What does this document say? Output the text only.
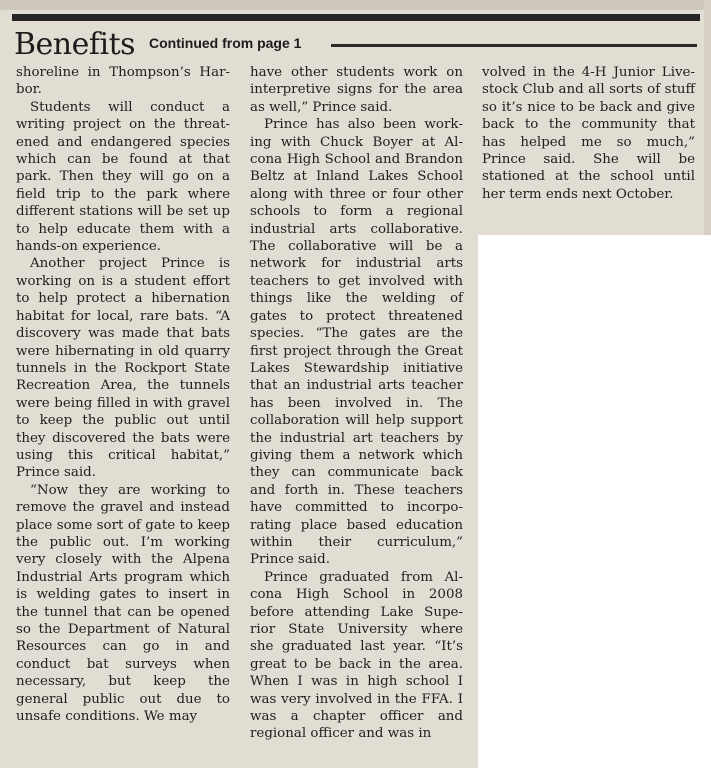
Benefits Continued from page 1

shoreline in Thompson’s Harbor.

Students will conduct a writing project on the threatened and endangered species which can be found at that park. Then they will go on a field trip to the park where different stations will be set up to help educate them with a hands-on experience.

Another project Prince is working on is a student effort to help protect a hibernation habitat for local, rare bats. “A discovery was made that bats were hibernating in old quarry tunnels in the Rockport State Recreation Area, the tunnels were being filled in with gravel to keep the public out until they discovered the bats were using this critical habitat,” Prince said.

“Now they are working to remove the gravel and instead place some sort of gate to keep the public out. I’m working very closely with the Alpena Industrial Arts program which is welding gates to insert in the tunnel that can be opened so the Department of Natural Resources can go in and conduct bat surveys when necessary, but keep the general public out due to unsafe conditions. We may

have other students work on interpretive signs for the area as well,” Prince said.

Prince has also been working with Chuck Boyer at Alcona High School and Brandon Beltz at Inland Lakes School along with three or four other schools to form a regional industrial arts collaborative. The collaborative will be a network for industrial arts teachers to get involved with things like the welding of gates to protect threatened species. “The gates are the first project through the Great Lakes Stewardship initiative that an industrial arts teacher has been involved in. The collaboration will help support the industrial art teachers by giving them a network which they can communicate back and forth in. These teachers have committed to incorporating place based education within their curriculum,” Prince said.

Prince graduated from Alcona High School in 2008 before attending Lake Superior State University where she graduated last year. “It’s great to be back in the area. When I was in high school I was very involved in the FFA. I was a chapter officer and regional officer and was in

volved in the 4-H Junior Livestock Club and all sorts of stuff so it’s nice to be back and give back to the community that has helped me so much,” Prince said. She will be stationed at the school until her term ends next October.
